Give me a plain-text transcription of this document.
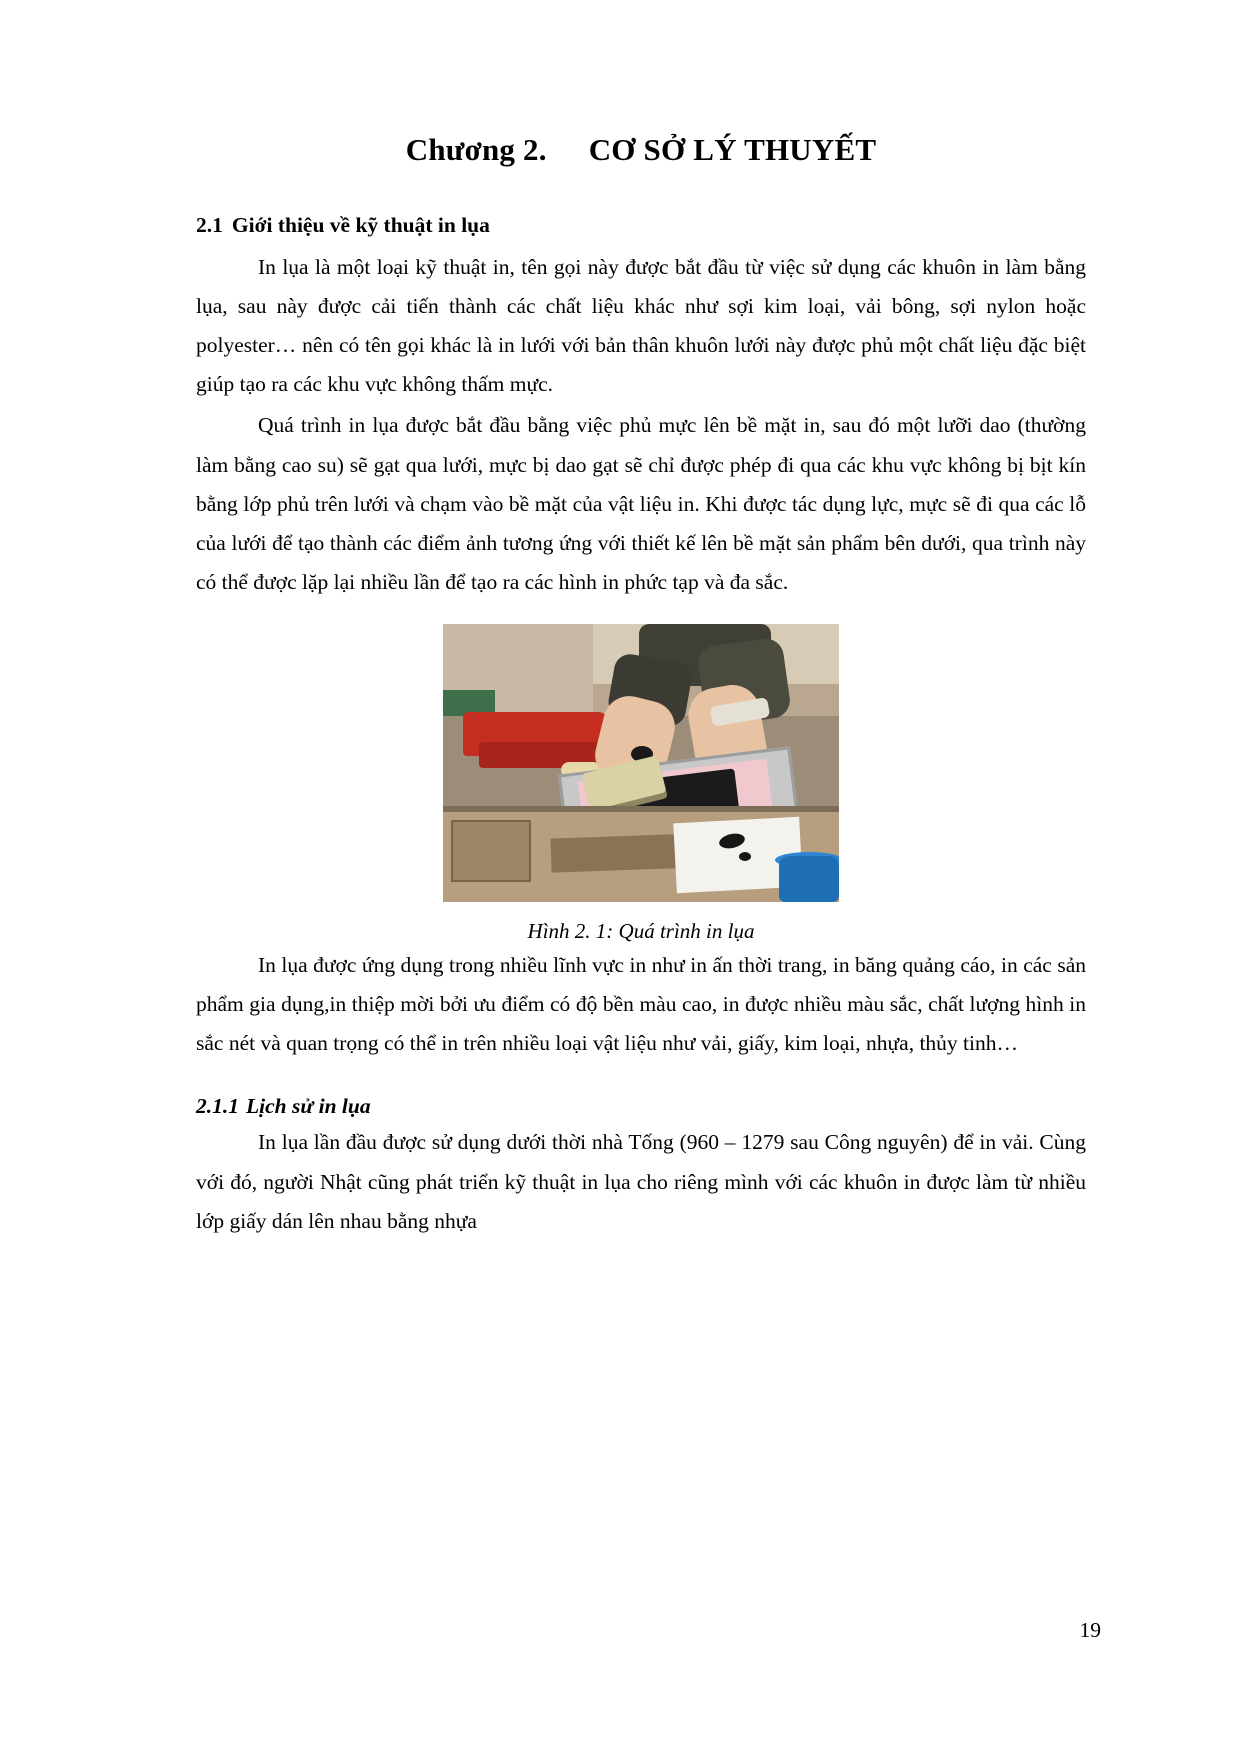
Chương 2. CƠ SỞ LÝ THUYẾT
2.1 Giới thiệu về kỹ thuật in lụa

In lụa là một loại kỹ thuật in, tên gọi này được bắt đầu từ việc sử dụng các khuôn in làm bằng lụa, sau này được cải tiến thành các chất liệu khác như sợi kim loại, vải bông, sợi nylon hoặc polyester… nên có tên gọi khác là in lưới với bản thân khuôn lưới này được phủ một chất liệu đặc biệt giúp tạo ra các khu vực không thấm mực.

Quá trình in lụa được bắt đầu bằng việc phủ mực lên bề mặt in, sau đó một lưỡi dao (thường làm bằng cao su) sẽ gạt qua lưới, mực bị dao gạt sẽ chỉ được phép đi qua các khu vực không bị bịt kín bằng lớp phủ trên lưới và chạm vào bề mặt của vật liệu in. Khi được tác dụng lực, mực sẽ đi qua các lỗ của lưới để tạo thành các điểm ảnh tương ứng với thiết kế lên bề mặt sản phẩm bên dưới, qua trình này có thể được lặp lại nhiều lần để tạo ra các hình in phức tạp và đa sắc.

Hình 2. 1: Quá trình in lụa

In lụa được ứng dụng trong nhiều lĩnh vực in như in ấn thời trang, in băng quảng cáo, in các sản phẩm gia dụng,in thiệp mời bởi ưu điểm có độ bền màu cao, in được nhiều màu sắc, chất lượng hình in sắc nét và quan trọng có thể in trên nhiều loại vật liệu như vải, giấy, kim loại, nhựa, thủy tinh…

2.1.1 Lịch sử in lụa

In lụa lần đầu được sử dụng dưới thời nhà Tống (960 – 1279 sau Công nguyên) để in vải. Cùng với đó, người Nhật cũng phát triển kỹ thuật in lụa cho riêng mình với các khuôn in được làm từ nhiều lớp giấy dán lên nhau bằng nhựa

19
